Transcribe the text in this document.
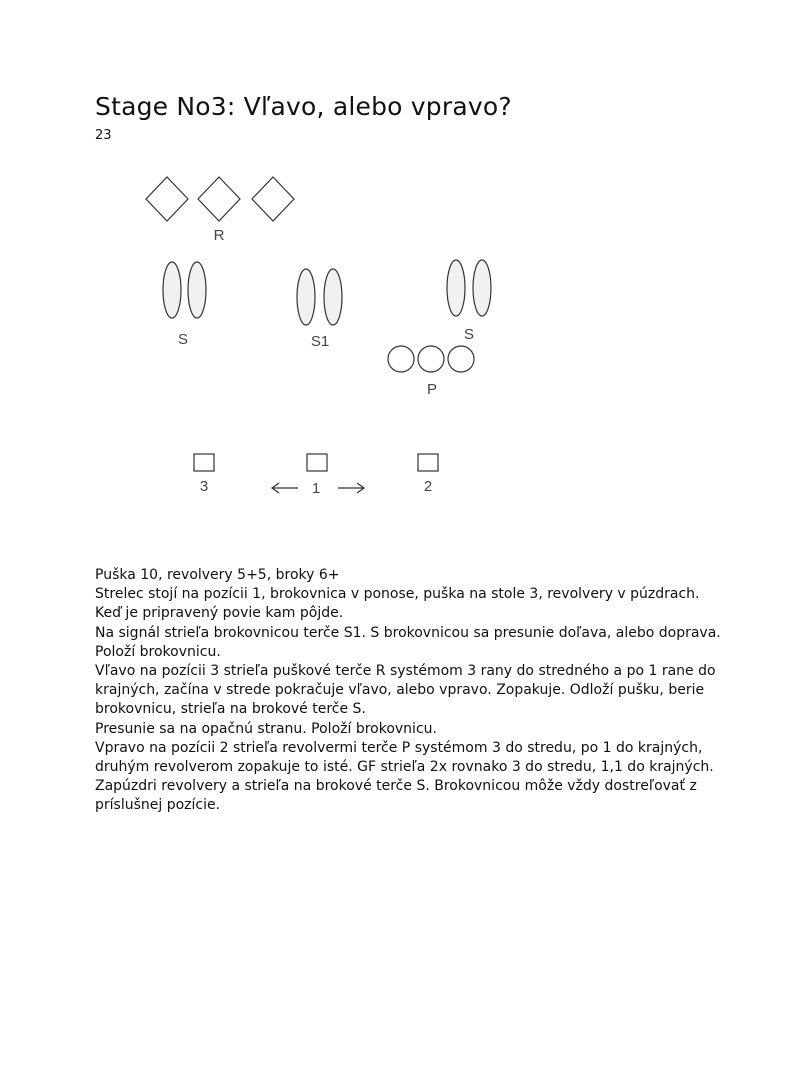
Stage No3: Vľavo, alebo vpravo?
23
R
S	S1	S
P
3	1	2
Puška 10, revolvery 5+5, broky 6+
Strelec stojí na pozícii 1, brokovnica v ponose, puška na stole 3, revolvery v púzdrach.
Keď je pripravený povie kam pôjde.
Na signál strieľa brokovnicou terče S1. S brokovnicou sa presunie doľava, alebo doprava.
Položí brokovnicu.
Vľavo na pozícii 3 strieľa puškové terče R systémom 3 rany do stredného a po 1 rane do
krajných, začína v strede pokračuje vľavo, alebo vpravo. Zopakuje. Odloží pušku, berie
brokovnicu, strieľa na brokové terče S.
Presunie sa na opačnú stranu. Položí brokovnicu.
Vpravo na pozícii 2 strieľa revolvermi terče P systémom 3 do stredu, po 1 do krajných,
druhým revolverom zopakuje to isté. GF strieľa 2x rovnako 3 do stredu, 1,1 do krajných.
Zapúzdri revolvery a strieľa na brokové terče S. Brokovnicou môže vždy dostreľovať z
príslušnej pozície.
